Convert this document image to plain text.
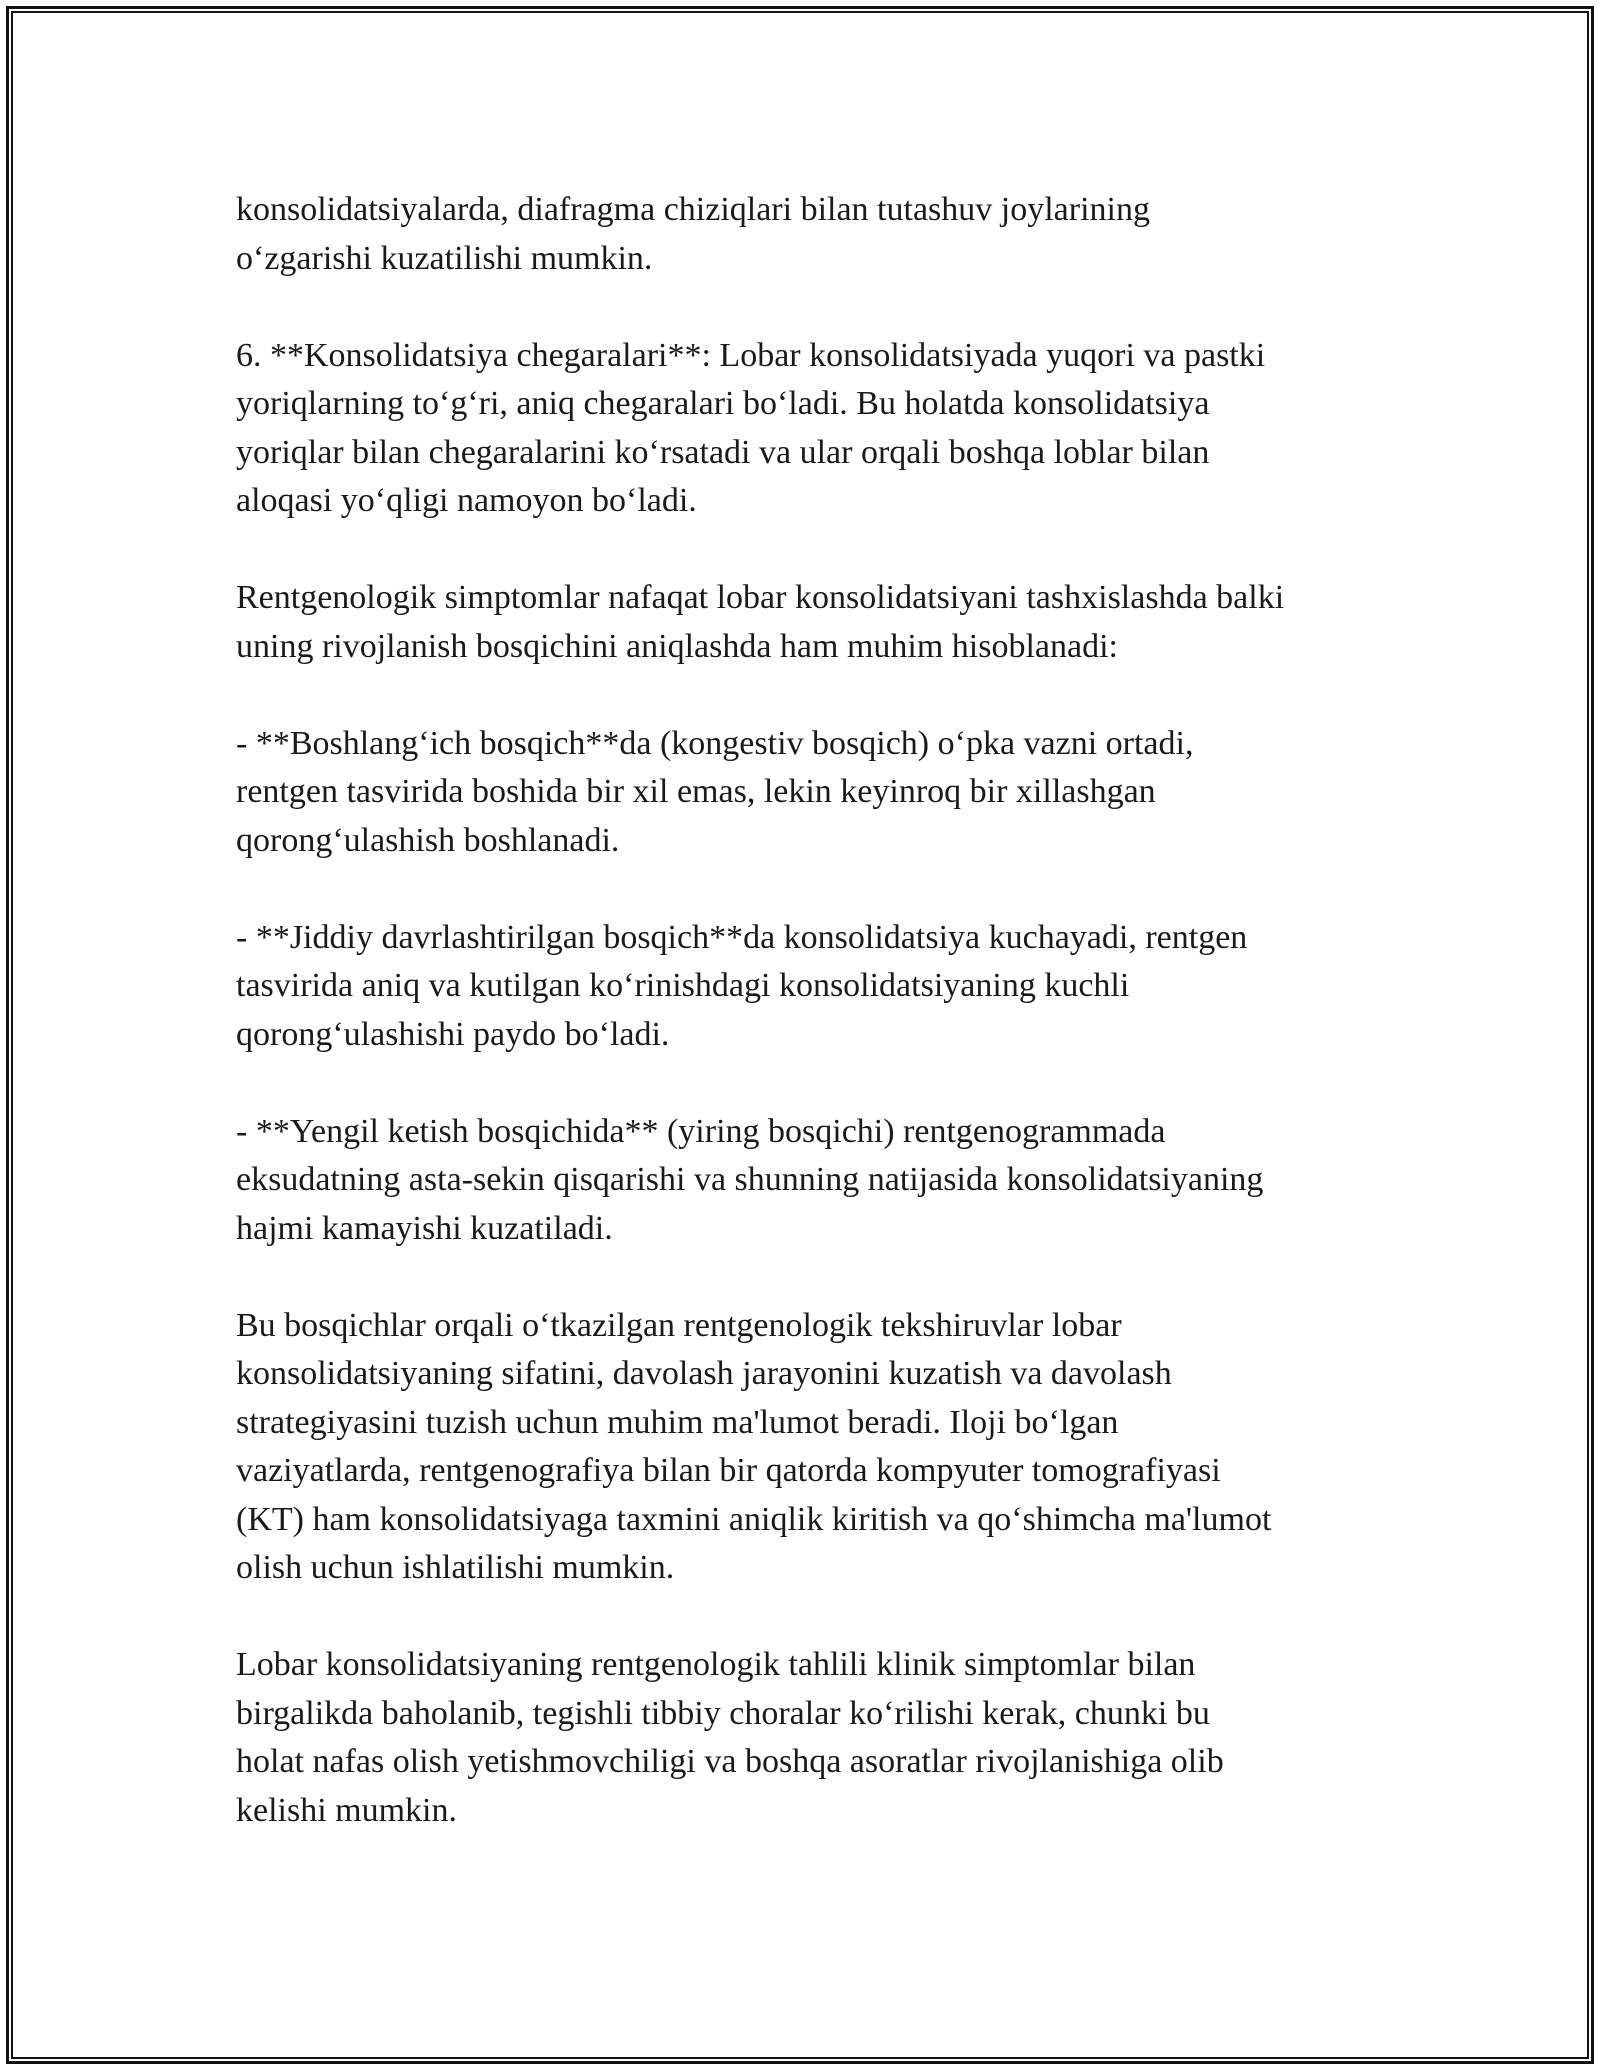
konsolidatsiyalarda, diafragma chiziqlari bilan tutashuv joylarining
o‘zgarishi kuzatilishi mumkin.

6. **Konsolidatsiya chegaralari**: Lobar konsolidatsiyada yuqori va pastki
yoriqlarning to‘g‘ri, aniq chegaralari bo‘ladi. Bu holatda konsolidatsiya
yoriqlar bilan chegaralarini ko‘rsatadi va ular orqali boshqa loblar bilan
aloqasi yo‘qligi namoyon bo‘ladi.

Rentgenologik simptomlar nafaqat lobar konsolidatsiyani tashxislashda balki
uning rivojlanish bosqichini aniqlashda ham muhim hisoblanadi:

- **Boshlang‘ich bosqich**da (kongestiv bosqich) o‘pka vazni ortadi,
rentgen tasvirida boshida bir xil emas, lekin keyinroq bir xillashgan
qorong‘ulashish boshlanadi.

- **Jiddiy davrlashtirilgan bosqich**da konsolidatsiya kuchayadi, rentgen
tasvirida aniq va kutilgan ko‘rinishdagi konsolidatsiyaning kuchli
qorong‘ulashishi paydo bo‘ladi.

- **Yengil ketish bosqichida** (yiring bosqichi) rentgenogrammada
eksudatning asta-sekin qisqarishi va shunning natijasida konsolidatsiyaning
hajmi kamayishi kuzatiladi.

Bu bosqichlar orqali o‘tkazilgan rentgenologik tekshiruvlar lobar
konsolidatsiyaning sifatini, davolash jarayonini kuzatish va davolash
strategiyasini tuzish uchun muhim ma'lumot beradi. Iloji bo‘lgan
vaziyatlarda, rentgenografiya bilan bir qatorda kompyuter tomografiyasi
(KT) ham konsolidatsiyaga taxmini aniqlik kiritish va qo‘shimcha ma'lumot
olish uchun ishlatilishi mumkin.

Lobar konsolidatsiyaning rentgenologik tahlili klinik simptomlar bilan
birgalikda baholanib, tegishli tibbiy choralar ko‘rilishi kerak, chunki bu
holat nafas olish yetishmovchiligi va boshqa asoratlar rivojlanishiga olib
kelishi mumkin.
